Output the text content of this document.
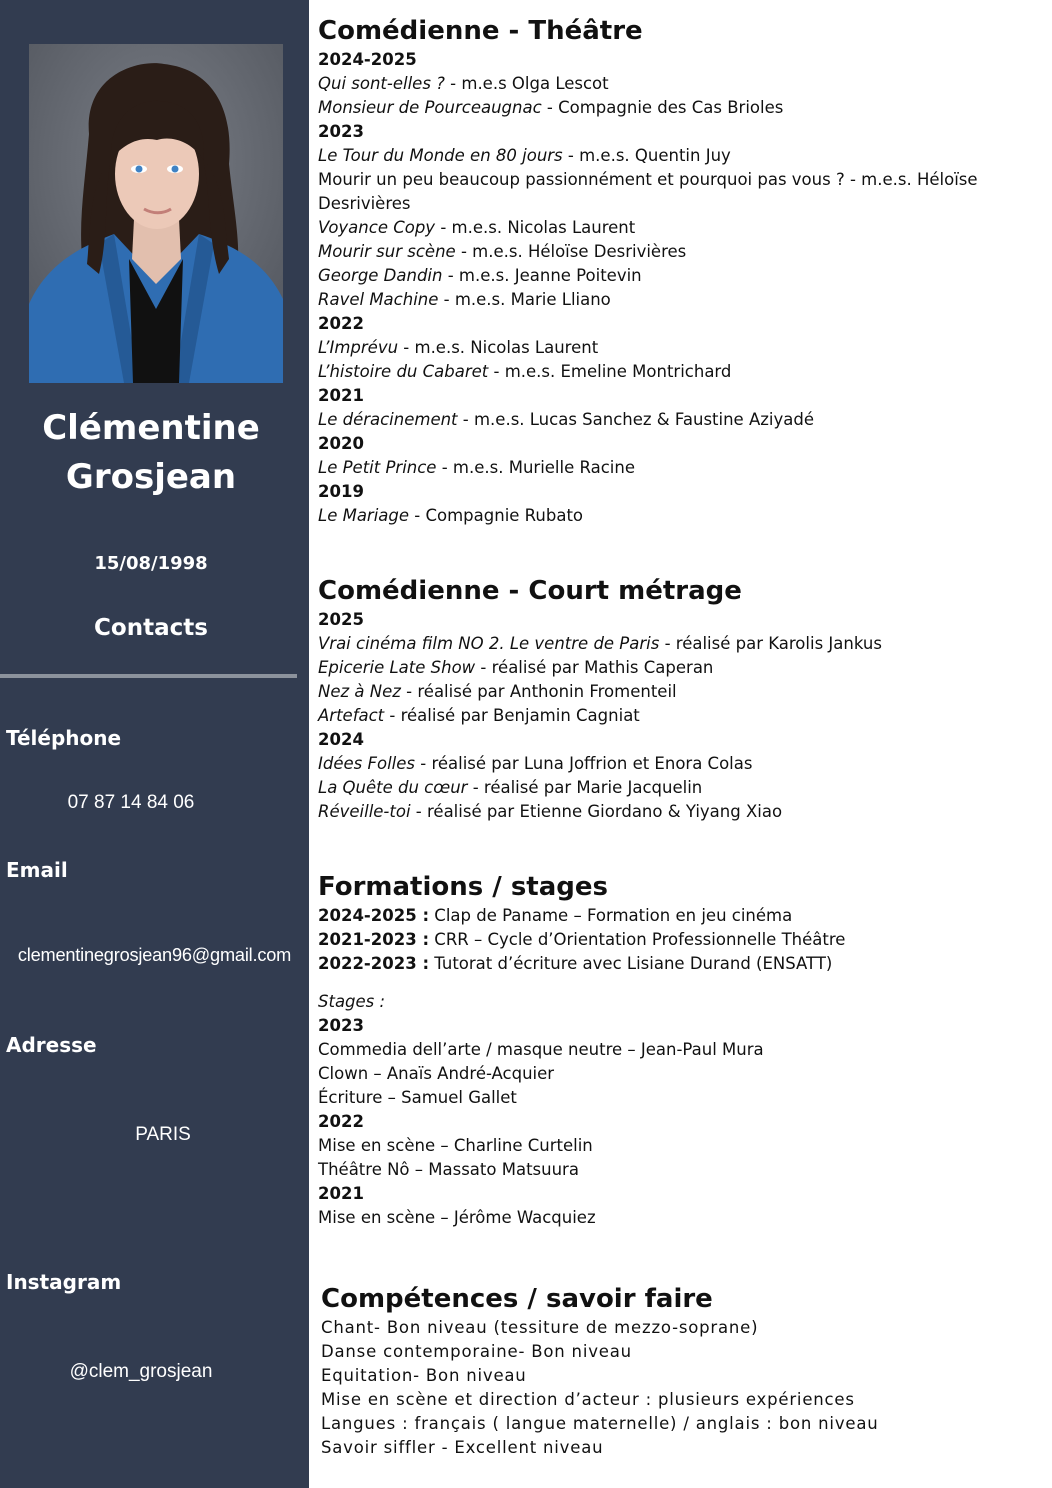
Clémentine
Grosjean
15/08/1998
Contacts
Téléphone
07 87 14 84 06
Email
clementinegrosjean96@gmail.com
Adresse
PARIS
Instagram
@clem_grosjean
Comédienne - Théâtre
2024-2025
Qui sont-elles ? - m.e.s Olga Lescot
Monsieur de Pourceaugnac - Compagnie des Cas Brioles
2023
Le Tour du Monde en 80 jours - m.e.s. Quentin Juy
Mourir un peu beaucoup passionnément et pourquoi pas vous ? - m.e.s. Héloïse Desrivières
Voyance Copy - m.e.s. Nicolas Laurent
Mourir sur scène - m.e.s. Héloïse Desrivières
George Dandin - m.e.s. Jeanne Poitevin
Ravel Machine - m.e.s. Marie Lliano
2022
L’Imprévu - m.e.s. Nicolas Laurent
L’histoire du Cabaret - m.e.s. Emeline Montrichard
2021
Le déracinement - m.e.s. Lucas Sanchez & Faustine Aziyadé
2020
Le Petit Prince - m.e.s. Murielle Racine
2019
Le Mariage - Compagnie Rubato
Comédienne - Court métrage
2025
Vrai cinéma film NO 2. Le ventre de Paris - réalisé par Karolis Jankus
Epicerie Late Show - réalisé par Mathis Caperan
Nez à Nez - réalisé par Anthonin Fromenteil
Artefact - réalisé par Benjamin Cagniat
2024
Idées Folles - réalisé par Luna Joffrion et Enora Colas
La Quête du cœur - réalisé par Marie Jacquelin
Réveille-toi - réalisé par Etienne Giordano & Yiyang Xiao
Formations / stages
2024-2025 : Clap de Paname – Formation en jeu cinéma
2021-2023 : CRR – Cycle d’Orientation Professionnelle Théâtre
2022-2023 : Tutorat d’écriture avec Lisiane Durand (ENSATT)
Stages :
2023
Commedia dell’arte / masque neutre – Jean-Paul Mura
Clown – Anaïs André-Acquier
Écriture – Samuel Gallet
2022
Mise en scène – Charline Curtelin
Théâtre Nô – Massato Matsuura
2021
Mise en scène – Jérôme Wacquiez
Compétences / savoir faire
Chant- Bon niveau (tessiture de mezzo-soprane)
Danse contemporaine- Bon niveau
Equitation- Bon niveau
Mise en scène et direction d’acteur : plusieurs expériences
Langues : français ( langue maternelle) / anglais : bon niveau
Savoir siffler - Excellent niveau
